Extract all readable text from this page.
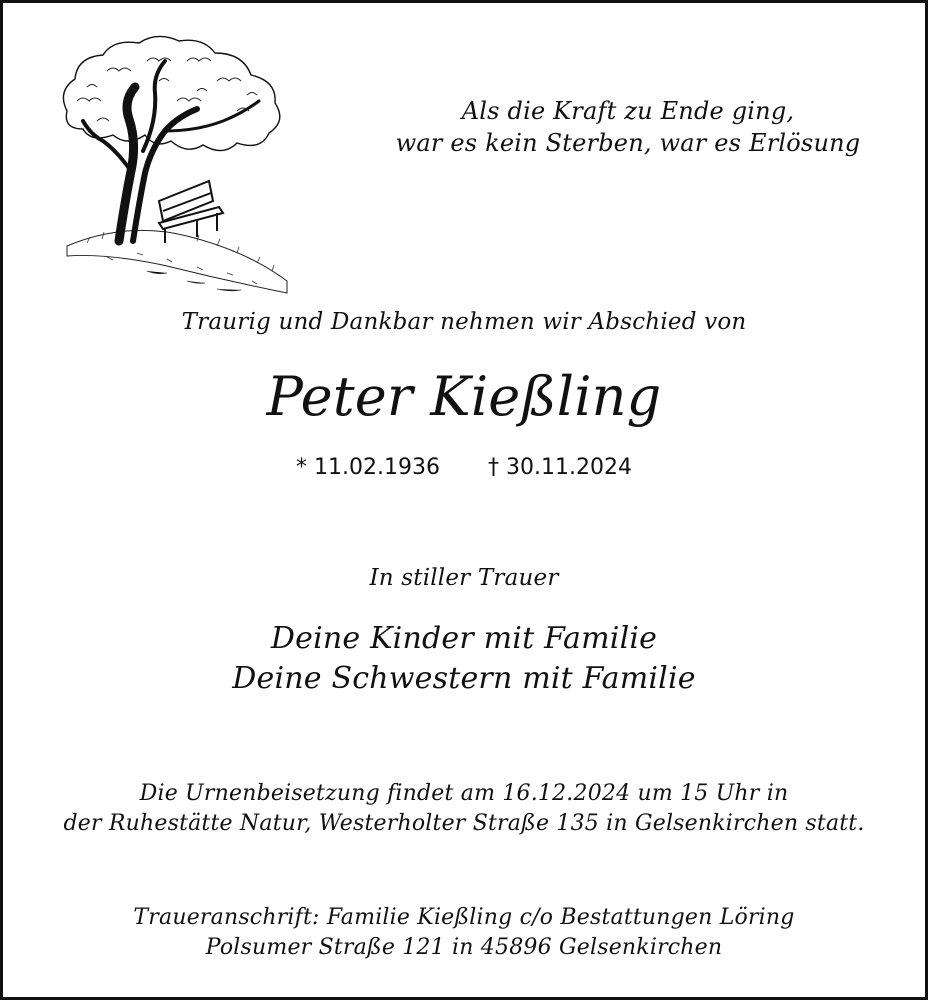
Als die Kraft zu Ende ging,
war es kein Sterben, war es Erlösung
Traurig und Dankbar nehmen wir Abschied von
Peter Kießling
* 11.02.1936 † 30.11.2024
In stiller Trauer
Deine Kinder mit Familie
Deine Schwestern mit Familie
Die Urnenbeisetzung findet am 16.12.2024 um 15 Uhr in
der Ruhestätte Natur, Westerholter Straße 135 in Gelsenkirchen statt.
Traueranschrift: Familie Kießling c/o Bestattungen Löring
Polsumer Straße 121 in 45896 Gelsenkirchen
